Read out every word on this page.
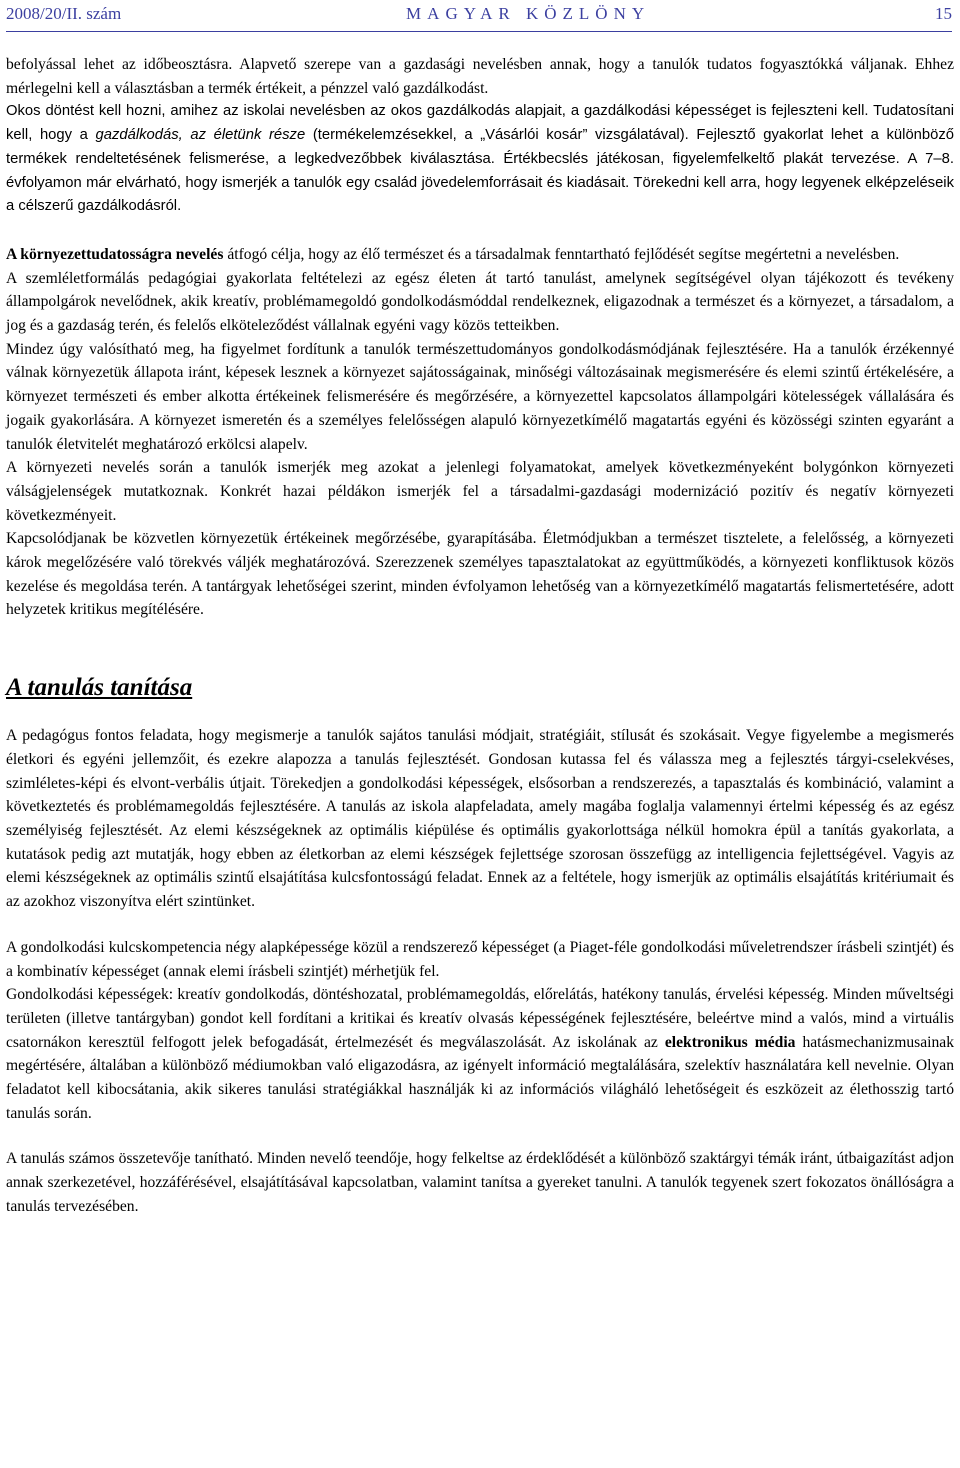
2008/20/II. szám	MAGYAR KÖZLÖNY	15

befolyással lehet az időbeosztásra. Alapvető szerepe van a gazdasági nevelésben annak, hogy a tanulók tudatos fogyasztókká váljanak. Ehhez mérlegelni kell a választásban a termék értékeit, a pénzzel való gazdálkodást.

Okos döntést kell hozni, amihez az iskolai nevelésben az okos gazdálkodás alapjait, a gazdálkodási képességet is fejleszteni kell. Tudatosítani kell, hogy a gazdálkodás, az életünk része (termékelemzésekkel, a „Vásárlói kosár” vizsgálatával). Fejlesztő gyakorlat lehet a különböző termékek rendeltetésének felismerése, a legkedvezőbbek kiválasztása. Értékbecslés játékosan, figyelemfelkeltő plakát tervezése. A 7–8. évfolyamon már elvárható, hogy ismerjék a tanulók egy család jövedelemforrásait és kiadásait. Törekedni kell arra, hogy legyenek elképzeléseik a célszerű gazdálkodásról.

A környezettudatosságra nevelés átfogó célja, hogy az élő természet és a társadalmak fenntartható fejlődését segítse megértetni a nevelésben.

A szemléletformálás pedagógiai gyakorlata feltételezi az egész életen át tartó tanulást, amelynek segítségével olyan tájékozott és tevékeny állampolgárok nevelődnek, akik kreatív, problémamegoldó gondolkodásmóddal rendelkeznek, eligazodnak a természet és a környezet, a társadalom, a jog és a gazdaság terén, és felelős elköteleződést vállalnak egyéni vagy közös tetteikben.

Mindez úgy valósítható meg, ha figyelmet fordítunk a tanulók természettudományos gondolkodásmódjának fejlesztésére. Ha a tanulók érzékennyé válnak környezetük állapota iránt, képesek lesznek a környezet sajátosságainak, minőségi változásainak megismerésére és elemi szintű értékelésére, a környezet természeti és ember alkotta értékeinek felismerésére és megőrzésére, a környezettel kapcsolatos állampolgári kötelességek vállalására és jogaik gyakorlására. A környezet ismeretén és a személyes felelősségen alapuló környezetkímélő magatartás egyéni és közösségi szinten egyaránt a tanulók életvitelét meghatározó erkölcsi alapelv.

A környezeti nevelés során a tanulók ismerjék meg azokat a jelenlegi folyamatokat, amelyek következményeként bolygónkon környezeti válságjelenségek mutatkoznak. Konkrét hazai példákon ismerjék fel a társadalmi-gazdasági modernizáció pozitív és negatív környezeti következményeit.

Kapcsolódjanak be közvetlen környezetük értékeinek megőrzésébe, gyarapításába. Életmódjukban a természet tisztelete, a felelősség, a környezeti károk megelőzésére való törekvés váljék meghatározóvá. Szerezzenek személyes tapasztalatokat az együttműködés, a környezeti konfliktusok közös kezelése és megoldása terén. A tantárgyak lehetőségei szerint, minden évfolyamon lehetőség van a környezetkímélő magatartás felismertetésére, adott helyzetek kritikus megítélésére.

A tanulás tanítása

A pedagógus fontos feladata, hogy megismerje a tanulók sajátos tanulási módjait, stratégiáit, stílusát és szokásait. Vegye figyelembe a megismerés életkori és egyéni jellemzőit, és ezekre alapozza a tanulás fejlesztését. Gondosan kutassa fel és válassza meg a fejlesztés tárgyi-cselekvéses, szimléletes-képi és elvont-verbális útjait. Törekedjen a gondolkodási képességek, elsősorban a rendszerezés, a tapasztalás és kombináció, valamint a következtetés és problémamegoldás fejlesztésére. A tanulás az iskola alapfeladata, amely magába foglalja valamennyi értelmi képesség és az egész személyiség fejlesztését. Az elemi készségeknek az optimális kiépülése és optimális gyakorlottsága nélkül homokra épül a tanítás gyakorlata, a kutatások pedig azt mutatják, hogy ebben az életkorban az elemi készségek fejlettsége szorosan összefügg az intelligencia fejlettségével. Vagyis az elemi készségeknek az optimális szintű elsajátítása kulcsfontosságú feladat. Ennek az a feltétele, hogy ismerjük az optimális elsajátítás kritériumait és az azokhoz viszonyítva elért szintünket.

A gondolkodási kulcskompetencia négy alapképessége közül a rendszerező képességet (a Piaget-féle gondolkodási műveletrendszer írásbeli szintjét) és a kombinatív képességet (annak elemi írásbeli szintjét) mérhetjük fel.

Gondolkodási képességek: kreatív gondolkodás, döntéshozatal, problémamegoldás, előrelátás, hatékony tanulás, érvelési képesség. Minden műveltségi területen (illetve tantárgyban) gondot kell fordítani a kritikai és kreatív olvasás képességének fejlesztésére, beleértve mind a valós, mind a virtuális csatornákon keresztül felfogott jelek befogadását, értelmezését és megválaszolását. Az iskolának az elektronikus média hatásmechanizmusainak megértésére, általában a különböző médiumokban való eligazodásra, az igényelt információ megtalálására, szelektív használatára kell nevelnie. Olyan feladatot kell kibocsátania, akik sikeres tanulási stratégiákkal használják ki az információs világháló lehetőségeit és eszközeit az élethosszig tartó tanulás során.

A tanulás számos összetevője tanítható. Minden nevelő teendője, hogy felkeltse az érdeklődését a különböző szaktárgyi témák iránt, útbaigazítást adjon annak szerkezetével, hozzáférésével, elsajátításával kapcsolatban, valamint tanítsa a gyereket tanulni. A tanulók tegyenek szert fokozatos önállóságra a tanulás tervezésében.
